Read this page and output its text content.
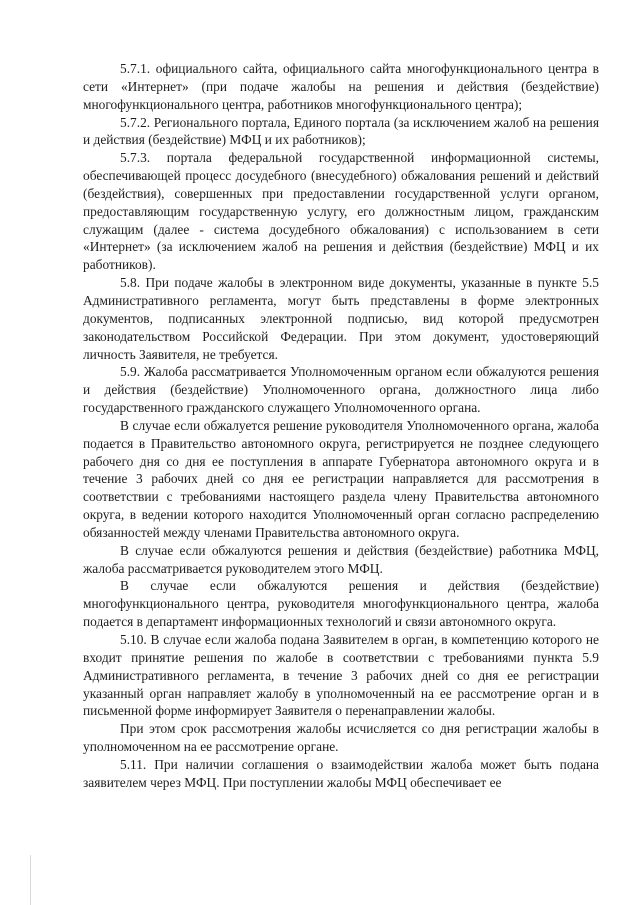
5.7.1. официального сайта, официального сайта многофункционального центра в сети «Интернет» (при подаче жалобы на решения и действия (бездействие) многофункционального центра, работников многофункционального центра);

5.7.2. Регионального портала, Единого портала (за исключением жалоб на решения и действия (бездействие) МФЦ и их работников);

5.7.3. портала федеральной государственной информационной системы, обеспечивающей процесс досудебного (внесудебного) обжалования решений и действий (бездействия), совершенных при предоставлении государственной услуги органом, предоставляющим государственную услугу, его должностным лицом, гражданским служащим (далее - система досудебного обжалования) с использованием в сети «Интернет» (за исключением жалоб на решения и действия (бездействие) МФЦ и их работников).

5.8. При подаче жалобы в электронном виде документы, указанные в пункте 5.5 Административного регламента, могут быть представлены в форме электронных документов, подписанных электронной подписью, вид которой предусмотрен законодательством Российской Федерации. При этом документ, удостоверяющий личность Заявителя, не требуется.

5.9. Жалоба рассматривается Уполномоченным органом если обжалуются решения и действия (бездействие) Уполномоченного органа, должностного лица либо государственного гражданского служащего Уполномоченного органа.

В случае если обжалуется решение руководителя Уполномоченного органа, жалоба подается в Правительство автономного округа, регистрируется не позднее следующего рабочего дня со дня ее поступления в аппарате Губернатора автономного округа и в течение 3 рабочих дней со дня ее регистрации направляется для рассмотрения в соответствии с требованиями настоящего раздела члену Правительства автономного округа, в ведении которого находится Уполномоченный орган согласно распределению обязанностей между членами Правительства автономного округа.

В случае если обжалуются решения и действия (бездействие) работника МФЦ, жалоба рассматривается руководителем этого МФЦ.

В случае если обжалуются решения и действия (бездействие) многофункционального центра, руководителя многофункционального центра, жалоба подается в департамент информационных технологий и связи автономного округа.

5.10. В случае если жалоба подана Заявителем в орган, в компетенцию которого не входит принятие решения по жалобе в соответствии с требованиями пункта 5.9 Административного регламента, в течение 3 рабочих дней со дня ее регистрации указанный орган направляет жалобу в уполномоченный на ее рассмотрение орган и в письменной форме информирует Заявителя о перенаправлении жалобы.

При этом срок рассмотрения жалобы исчисляется со дня регистрации жалобы в уполномоченном на ее рассмотрение органе.

5.11. При наличии соглашения о взаимодействии жалоба может быть подана заявителем через МФЦ. При поступлении жалобы МФЦ обеспечивает ее
